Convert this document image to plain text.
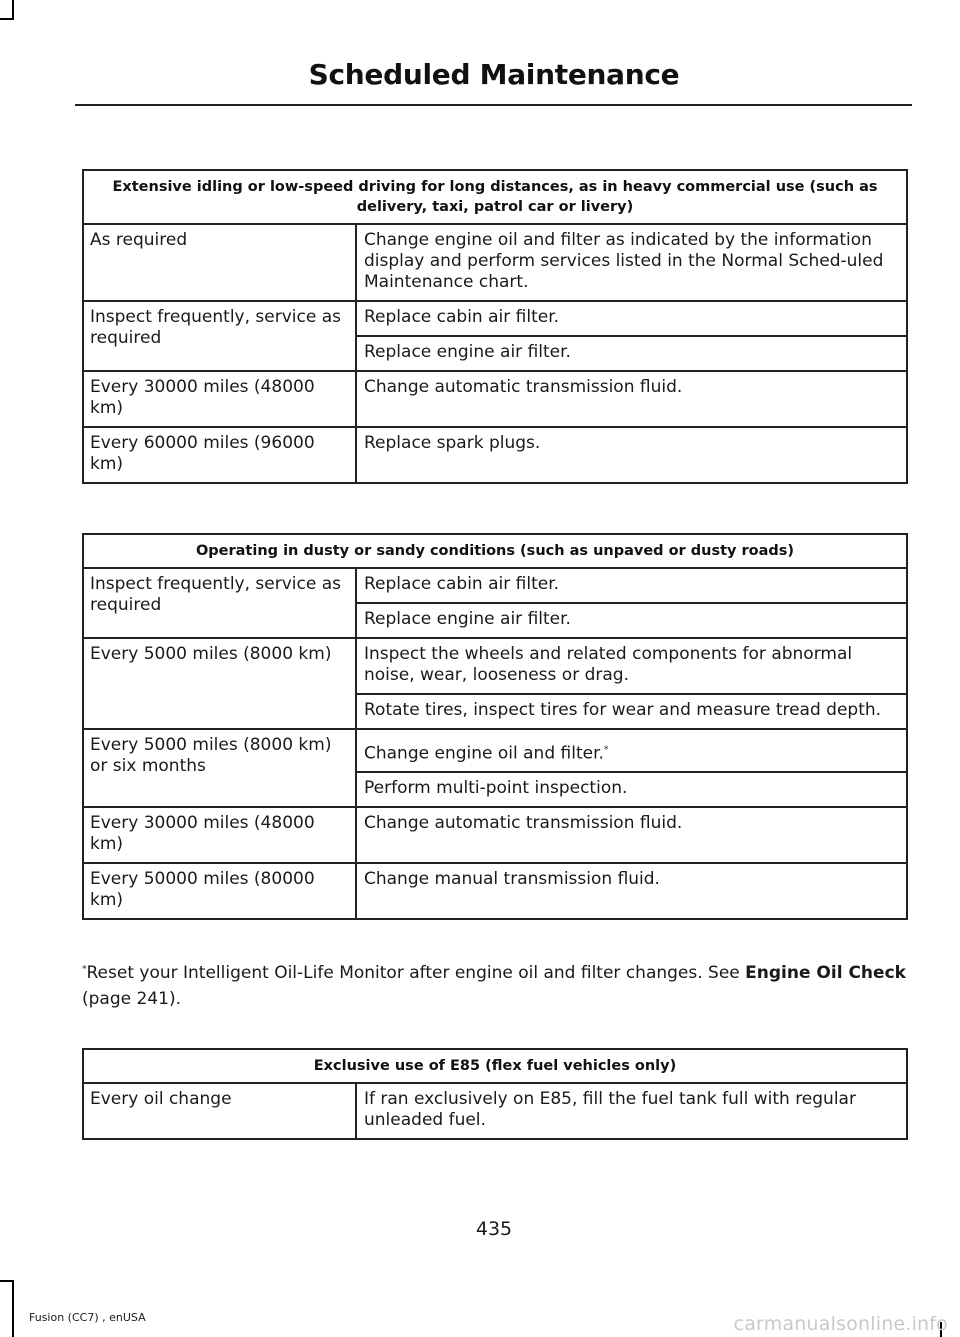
Scheduled Maintenance
Extensive idling or low-speed driving for long distances, as in heavy commercial use (such as delivery, taxi, patrol car or livery)	
As required	Change engine oil and filter as indicated by the information display and perform services listed in the Normal Sched-uled Maintenance chart.
Inspect frequently, service as required	Replace cabin air filter.
	Replace engine air filter.
Every 30000 miles (48000 km)	Change automatic transmission fluid.
Every 60000 miles (96000 km)	Replace spark plugs.
Operating in dusty or sandy conditions (such as unpaved or dusty roads)	
Inspect frequently, service as required	Replace cabin air filter.
	Replace engine air filter.
Every 5000 miles (8000 km)	Inspect the wheels and related components for abnormal noise, wear, looseness or drag.
	Rotate tires, inspect tires for wear and measure tread depth.
Every 5000 miles (8000 km) or six months	Change engine oil and filter.*
	Perform multi-point inspection.
Every 30000 miles (48000 km)	Change automatic transmission fluid.
Every 50000 miles (80000 km)	Change manual transmission fluid.
*Reset your Intelligent Oil-Life Monitor after engine oil and filter changes. See Engine Oil Check (page 241).
Exclusive use of E85 (flex fuel vehicles only)
Every oil change	If ran exclusively on E85, fill the fuel tank full with regular unleaded fuel.
435
Fusion (CC7) , enUSA	carmanualsonline.info
